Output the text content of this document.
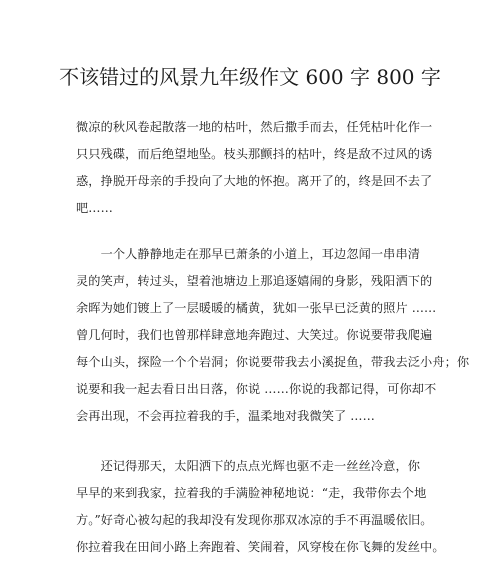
不该错过的风景九年级作文 600 字 800 字
微凉的秋风卷起散落一地的枯叶，然后撒手而去，任凭枯叶化作一
只只残碟，而后绝望地坠。枝头那颤抖的枯叶，终是敌不过风的诱
惑，挣脱开母亲的手投向了大地的怀抱。离开了的，终是回不去了
吧……
　　一个人静静地走在那早已萧条的小道上，耳边忽闻一串串清
灵的笑声，转过头，望着池塘边上那追逐嬉闹的身影，残阳洒下的
余晖为她们镀上了一层暖暖的橘黄，犹如一张早已泛黄的照片 ……
曾几何时，我们也曾那样肆意地奔跑过、大笑过。你说要带我爬遍
每个山头，探险一个个岩洞；你说要带我去小溪捉鱼，带我去泛小舟；你
说要和我一起去看日出日落，你说 ……你说的我都记得，可你却不
会再出现，不会再拉着我的手，温柔地对我微笑了 ……
　　还记得那天，太阳洒下的点点光辉也驱不走一丝丝冷意，你
早早的来到我家，拉着我的手满脸神秘地说：“走，我带你去个地
方。”好奇心被勾起的我却没有发现你那双冰凉的手不再温暖依旧。
你拉着我在田间小路上奔跑着、笑闹着，风穿梭在你飞舞的发丝中。
